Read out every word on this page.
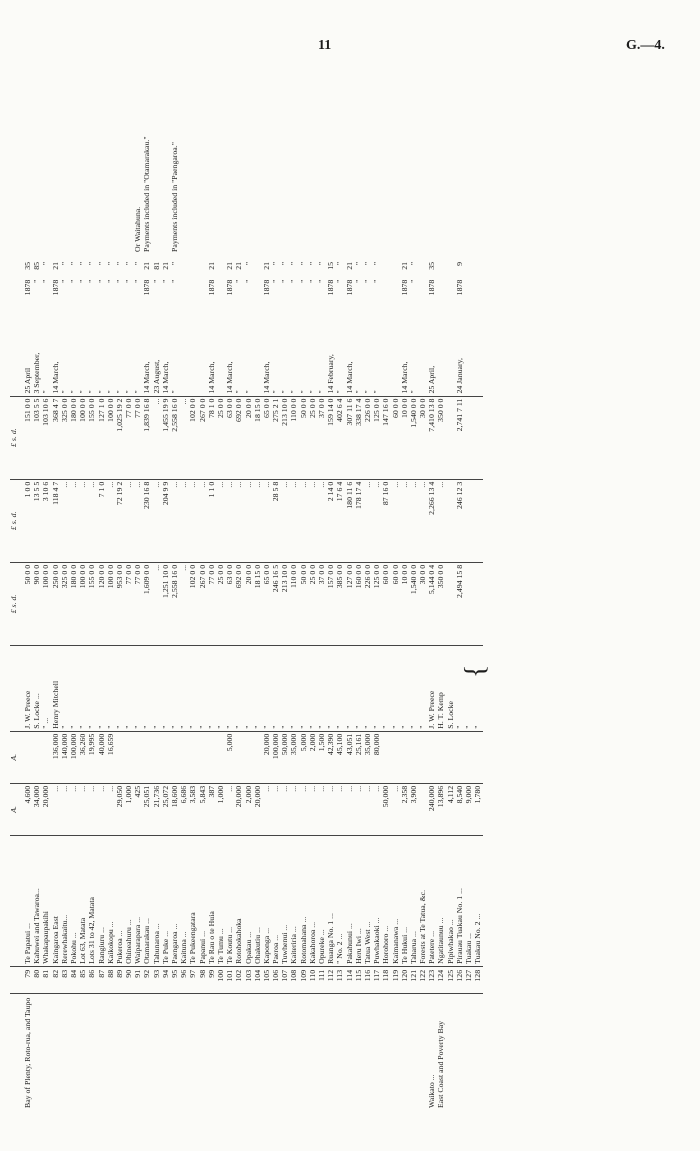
11	G.—4.
			A.	A.		£ s. d.	£ s. d.	£ s. d.				
Bay of Plenty, Roto-rua, and Taupo	79	Te Papatui ...	4,600		J. W. Preece	50 0 0	1 0 0	151 0 0	25 April	1878	35	
	80	Kahuwei and Tawaroa...	34,000		S. Locke ...	90 0 0	13 5 5	103 5 5	3 September,	"	85	
	81	Whakapaupakihi	20,000		" ...	100 0 0	3 10 6	103 10 6	"	"	"	
	82	Kaingaroa East	...	136,000	Henry Mitchell	250 0 0	118 4 7	368 4 7	14 March,	1878	21	
	83	Rerewhakaitu...	...	140,000	"	325 0 0	...	325 0 0	"	"	"	
	84	Pokohu ...	...	100,000	"	180 0 0	...	180 0 0	"	"	"	
	85	Lot 63, Matata	...	36,260	"	100 0 0	...	100 0 0	"	"	"	
	86	Lots 31 to 42, Matata	...	19,995	"	155 0 0	...	155 0 0	"	"	"	
	87	Rangiuru ...	...	40,000	"	120 0 0	7 1 0	127 1 0	"	"	"	
	88	Kaikokopu ...	...	16,659	"	100 0 0	...	100 0 0	"	"	"	
	89	Pukeroa ...	29,050		"	953 0 0	72 19 2	1,025 19 2	"	"	"	
	90	Ohineahuru ...	1,000		"	77 0 0	...	77 0 0	"	"	"	
	91	Waiparapara ...	425		"	77 0 0	...	77 0 0	"	"	"	Or Waitahuna.
	92	Otamarakau ...	25,051		"	1,609 0 0	230 16 8	1,839 16 8	14 March,	1878	21	Payments included in "Otamarakau."
	93	Tahunaroa ...	21,736		"	...	...	...	23 August,	"	81	
	94	Te Puke ...	25,072		"	1,251 10 0	204 9 9	1,455 19 9	14 March,	"	21	
	95	Paengaroa ...	18,600		"	2,558 16 0	...	2,558 16 0	"	"	"	Payments included in "Paengaroa."
	96	Kaituna ...	6,686		"	...	...	...				
	97	Te Pukeengatara	3,583		"	102 0 0	...	102 0 0				
	98	Papanui ...	5,843		"	267 0 0	...	267 0 0				
	99	Te Rau o te Huia	387		"	77 0 0	1 1 0	78 1 0	14 March,	1878	21	
	100	Te Tumu ...	1,000		"	25 0 0	...	25 0 0				
	101	Te Koutu ...	...	5,000	"	63 0 0	...	63 0 0	14 March,	1878	21	
	102	Rotohokahoka	20,000		"	692 0 0	...	692 0 0	"	"	21	
	103	Opakau ...	2,000		"	20 0 0	...	20 0 0	"	"	"	
	104	Ohakutiu ...	20,000		"	18 15 0	...	18 15 0				
	105	Kaponga ...	...	20,000	"	65 0 0	...	65 0 0	14 March,	1878	21	
	106	Paeroa ...	...	100,000	"	246 16 5	28 5 8	275 2 1	"	"	"	
	107	Tuwhenui ...	...	50,000	"	213 10 0	...	213 10 0	"	"	"	
	108	Kaiteriria ...	...	35,000	"	110 0 0	...	110 0 0	"	"	"	
	109	Rotomahana ...	...	5,000	"	50 0 0	...	50 0 0	"	"	"	
	110	Kakahoroa ...	...	2,000	"	25 0 0	...	25 0 0	"	"	"	
	111	Opureke ...	...	1,500	"	37 0 0	...	37 0 0	"	"	"	
	112	Ruanga No. 1 ...	...	42,390	"	157 0 0	2 14 0	159 14 0	14 February,	1878	15	
	113	" No. 2 ...	...	45,100	"	385 0 0	17 6 4	402 6 4	"	"	"	
	114	Pakahunui ...	...	43,051	"	127 0 0	180 11 6	307 11 6	14 March,	1878	21	
	115	Heru Iwi ...	...	25,161	"	160 0 0	178 17 4	338 17 4	"	"	"	
	116	Tatua West ...	...	35,000	"	226 0 0	...	226 0 0	"	"	"	
	117	Puwhakaoki ...	...	80,000	"	125 0 0	...	125 0 0	"	"	"	
	118	Horohoro ...	50,000		"	60 0 0	87 16 0	147 16 0				
	119	Kaimanawa ...	...		"	60 0 0	...	60 0 0				
	120	Te Hukui ...	2,358		"	10 0 0	...	10 0 0	14 March,	1878	21	
	121	Taharua ...	3,900		"	1,540 0 0	...	1,540 0 0	"	"	"	
	122	Forests at Te Tatua, &c.			"	30 0 0	...	30 0 0				
Waikato ...	123	Patetere ...	240,000		J. W. Preece	5,144 0 4	2,266 13 4	7,410 13 8	25 April,	1878	35	
East Coast and Poverty Bay	124	Ngatitaunuu ...	13,896		H. T. Kemp	350 0 0	...	350 0 0				
	125	Pipiwhakao ...	4,112		S. Locke							
	126	Pirauau Tuakau No. 1 ...	8,540		"	2,494 15 8	246 12 3	2,741 7 11	24 January,	1878	9	
	127	Tuakau ...	9,000		"							
	128	Tuakau No. 2 ...	1,780		"							
{
